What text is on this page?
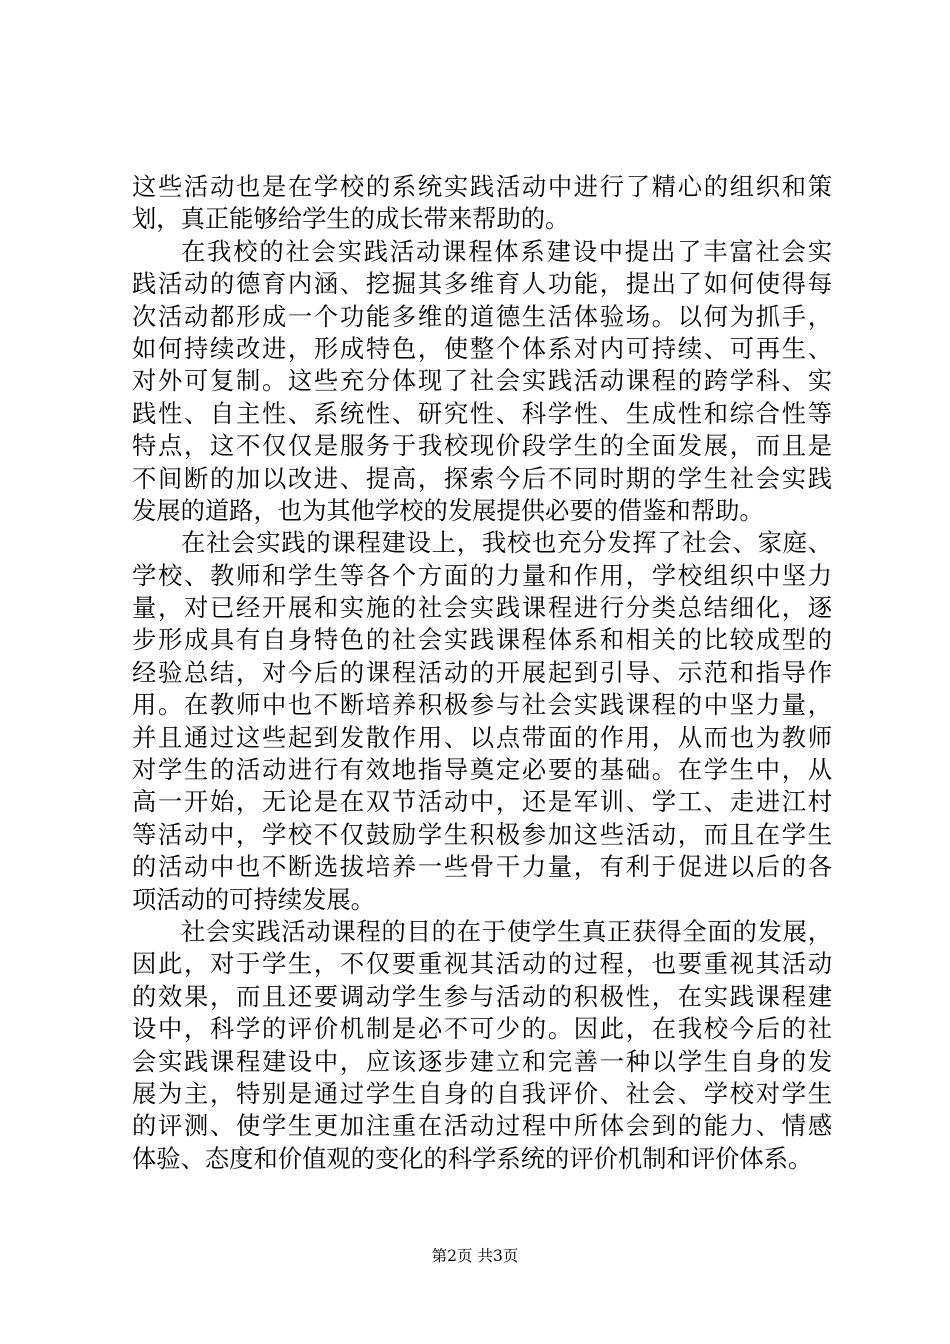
这些活动也是在学校的系统实践活动中进行了精心的组织和策
划，真正能够给学生的成长带来帮助的。
在我校的社会实践活动课程体系建设中提出了丰富社会实
践活动的德育内涵、挖掘其多维育人功能，提出了如何使得每
次活动都形成一个功能多维的道德生活体验场。以何为抓手，
如何持续改进，形成特色，使整个体系对内可持续、可再生、
对外可复制。这些充分体现了社会实践活动课程的跨学科、实
践性、自主性、系统性、研究性、科学性、生成性和综合性等
特点，这不仅仅是服务于我校现价段学生的全面发展，而且是
不间断的加以改进、提高，探索今后不同时期的学生社会实践
发展的道路，也为其他学校的发展提供必要的借鉴和帮助。
在社会实践的课程建设上，我校也充分发挥了社会、家庭、
学校、教师和学生等各个方面的力量和作用，学校组织中坚力
量，对已经开展和实施的社会实践课程进行分类总结细化，逐
步形成具有自身特色的社会实践课程体系和相关的比较成型的
经验总结，对今后的课程活动的开展起到引导、示范和指导作
用。在教师中也不断培养积极参与社会实践课程的中坚力量，
并且通过这些起到发散作用、以点带面的作用，从而也为教师
对学生的活动进行有效地指导奠定必要的基础。在学生中，从
高一开始，无论是在双节活动中，还是军训、学工、走进江村
等活动中，学校不仅鼓励学生积极参加这些活动，而且在学生
的活动中也不断选拔培养一些骨干力量，有利于促进以后的各
项活动的可持续发展。
社会实践活动课程的目的在于使学生真正获得全面的发展，
因此，对于学生，不仅要重视其活动的过程，也要重视其活动
的效果，而且还要调动学生参与活动的积极性，在实践课程建
设中，科学的评价机制是必不可少的。因此，在我校今后的社
会实践课程建设中，应该逐步建立和完善一种以学生自身的发
展为主，特别是通过学生自身的自我评价、社会、学校对学生
的评测、使学生更加注重在活动过程中所体会到的能力、情感
体验、态度和价值观的变化的科学系统的评价机制和评价体系。
第2页 共3页
